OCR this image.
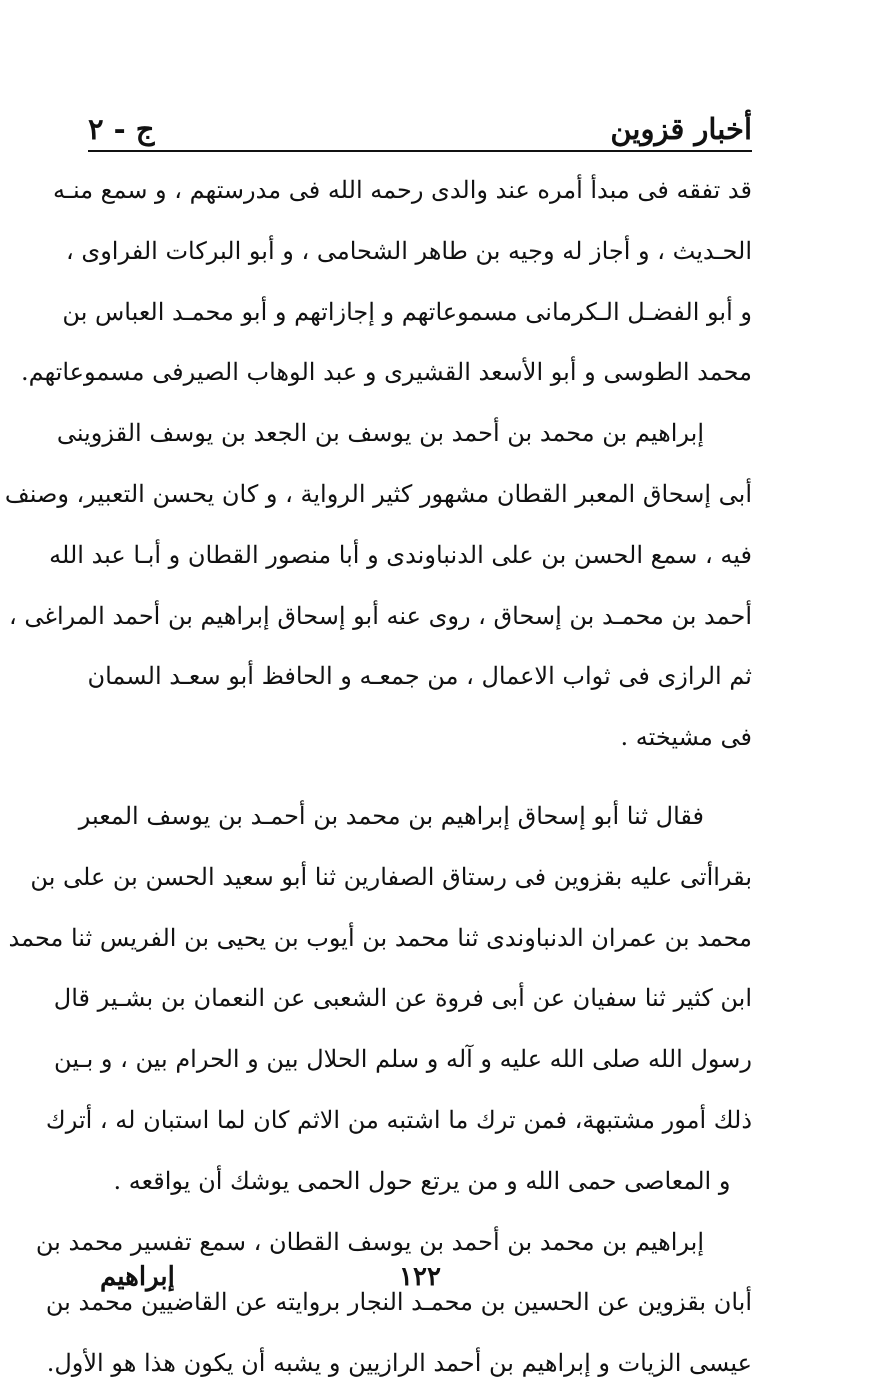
أخبار قزوين
ج - ٢
قد تفقه فى مبدأ أمره عند والدى رحمه الله فى مدرستهم ، و سمع منـه
الحـديث ، و أجاز له وجيه بن طاهر الشحامى ، و أبو البركات الفراوى ،
و أبو الفضـل الـكرمانى مسموعاتهم و إجازاتهم و أبو محمـد العباس بن
محمد الطوسى و أبو الأسعد القشيرى و عبد الوهاب الصيرفى مسموعاتهم.
إبراهيم بن محمد بن أحمد بن يوسف بن الجعد بن يوسف القزوينى
أبى إسحاق المعبر القطان مشهور كثير الرواية ، و كان يحسن التعبير، وصنف
فيه ، سمع الحسن بن على الدنباوندى و أبا منصور القطان و أبـا عبد الله
أحمد بن محمـد بن إسحاق ، روى عنه أبو إسحاق إبراهيم بن أحمد المراغى ،
ثم الرازى فى ثواب الاعمال ، من جمعـه و الحافظ أبو سعـد السمان
فى مشيخته .
فقال ثنا أبو إسحاق إبراهيم بن محمد بن أحمـد بن يوسف المعبر
بقراأتى عليه بقزوين فى رستاق الصفارين ثنا أبو سعيد الحسن بن على بن
محمد بن عمران الدنباوندى ثنا محمد بن أيوب بن يحيى بن الفريس ثنا محمد
ابن كثير ثنا سفيان عن أبى فروة عن الشعبى عن النعمان بن بشـير قال
رسول الله صلى الله عليه و آله و سلم الحلال بين و الحرام بين ، و بـين
ذلك أمور مشتبهة، فمن ترك ما اشتبه من الاثم كان لما استبان له ، أترك
و المعاصى حمى الله و من يرتع حول الحمى يوشك أن يواقعه .
إبراهيم بن محمد بن أحمد بن يوسف القطان ، سمع تفسير محمد بن
أبان بقزوين عن الحسين بن محمـد النجار بروايته عن القاضيين محمد بن
عيسى الزيات و إبراهيم بن أحمد الرازيين و يشبه أن يكون هذا هو الأول.
١٢٢
إبراهيم
